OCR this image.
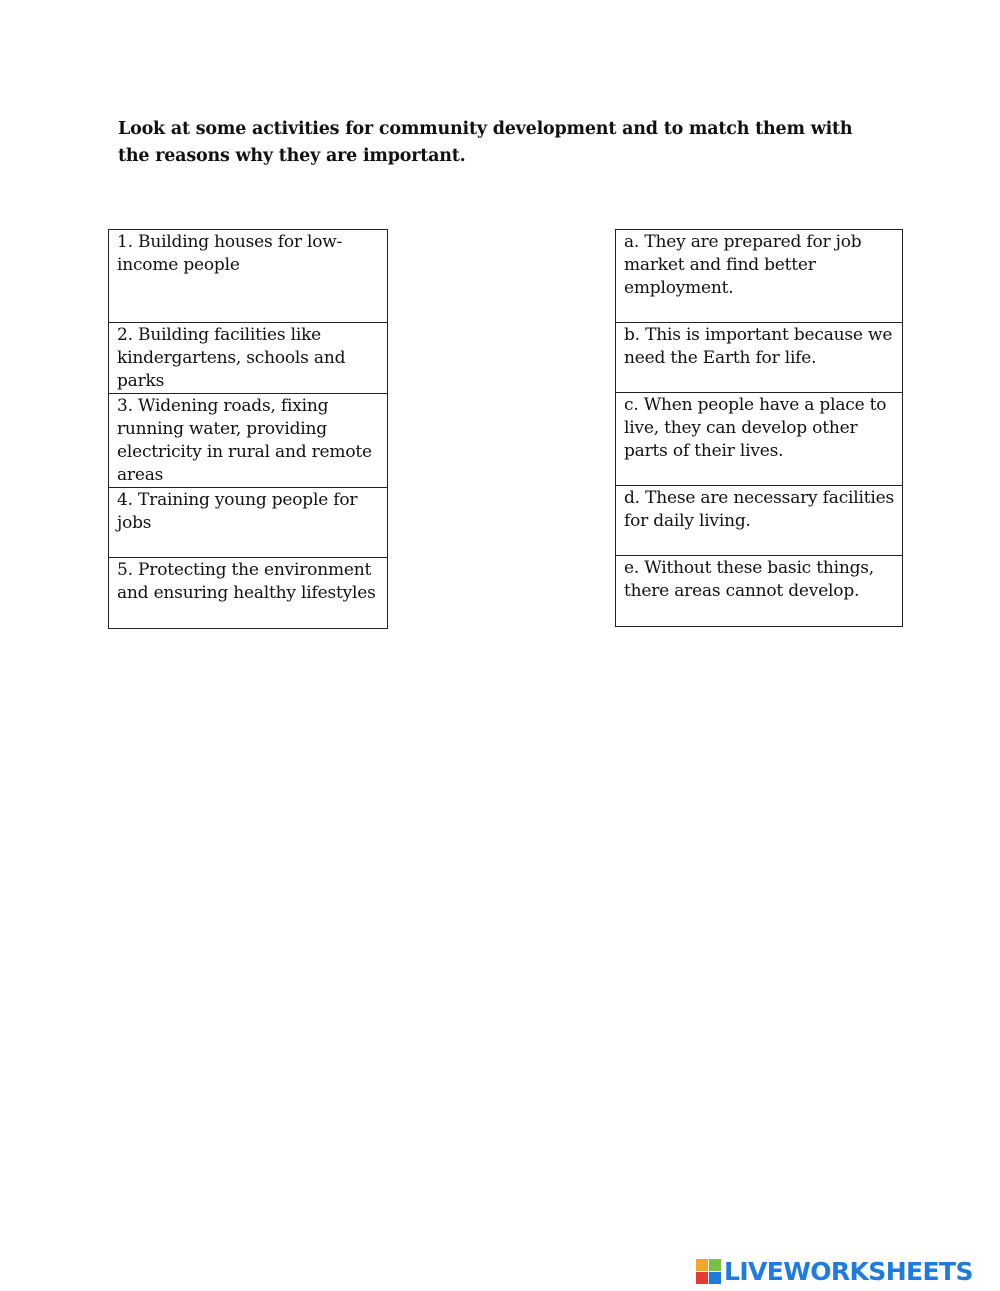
Look at some activities for community development and to match them with the reasons why they are important.
1. Building houses for low-income people
2. Building facilities like kindergartens, schools and parks
3. Widening roads, fixing running water, providing electricity in rural and remote areas
4. Training young people for jobs
5. Protecting the environment and ensuring healthy lifestyles
a. They are prepared for job market and find better employment.
b. This is important because we need the Earth for life.
c. When people have a place to live, they can develop other parts of their lives.
d. These are necessary facilities for daily living.
e. Without these basic things, there areas cannot develop.
LIVEWORKSHEETS
